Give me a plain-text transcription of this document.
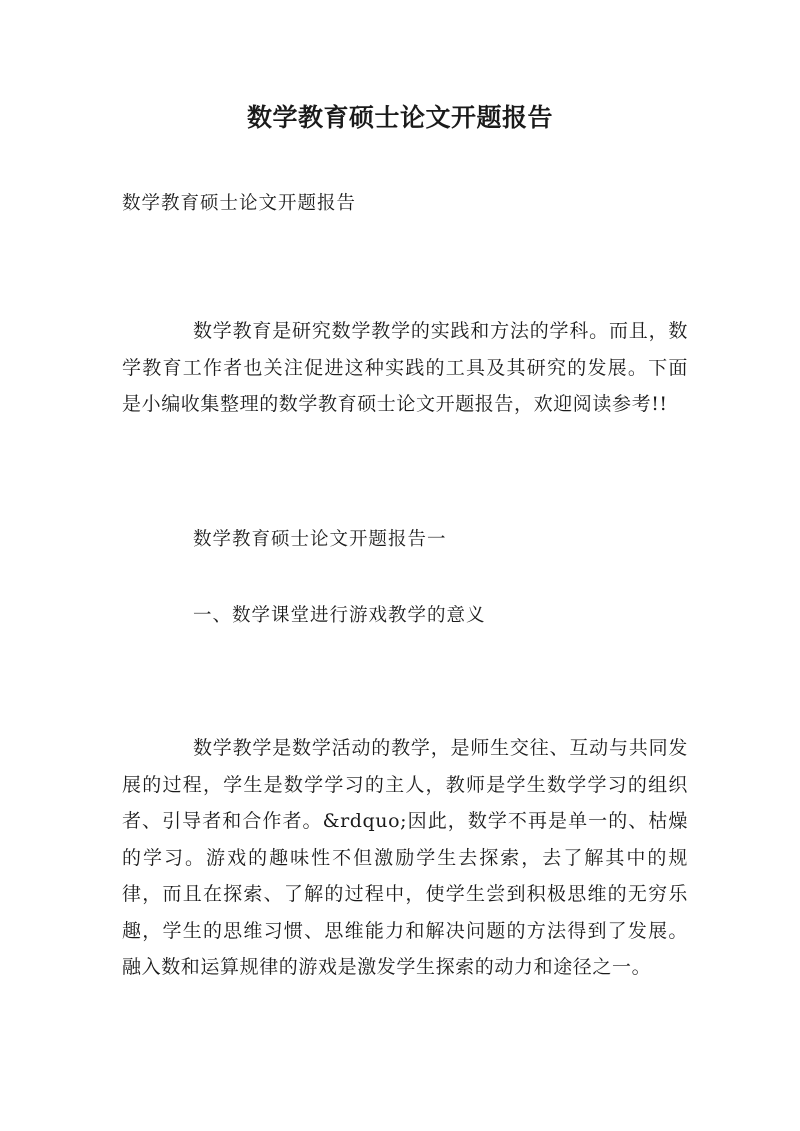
数学教育硕士论文开题报告
数学教育硕士论文开题报告

数学教育是研究数学教学的实践和方法的学科。而且，数学教育工作者也关注促进这种实践的工具及其研究的发展。下面是小编收集整理的数学教育硕士论文开题报告，欢迎阅读参考!!

数学教育硕士论文开题报告一
一、数学课堂进行游戏教学的意义

数学教学是数学活动的教学，是师生交往、互动与共同发展的过程，学生是数学学习的主人，教师是学生数学学习的组织者、引导者和合作者。&rdquo;因此，数学不再是单一的、枯燥的学习。游戏的趣味性不但激励学生去探索，去了解其中的规律，而且在探索、了解的过程中，使学生尝到积极思维的无穷乐趣，学生的思维习惯、思维能力和解决问题的方法得到了发展。融入数和运算规律的游戏是激发学生探索的动力和途径之一。
